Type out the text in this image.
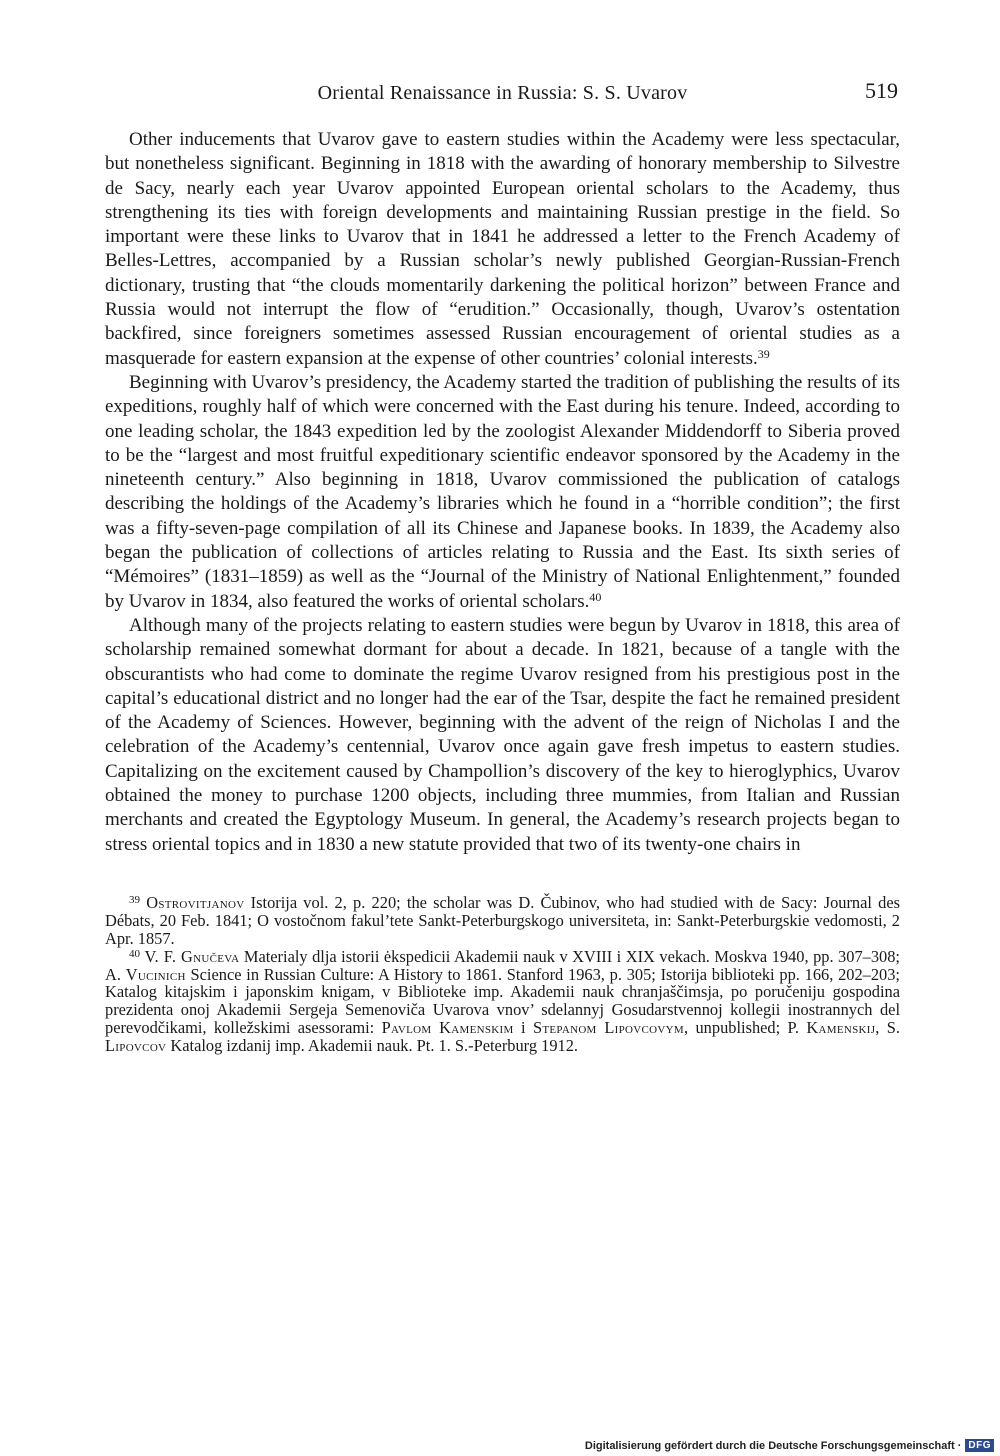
Oriental Renaissance in Russia: S. S. Uvarov	519

Other inducements that Uvarov gave to eastern studies within the Academy were less spectacular, but nonetheless significant. Beginning in 1818 with the awarding of honorary membership to Silvestre de Sacy, nearly each year Uvarov appointed European oriental scholars to the Academy, thus strengthening its ties with foreign developments and maintaining Russian prestige in the field. So important were these links to Uvarov that in 1841 he addressed a letter to the French Academy of Belles-Lettres, accompanied by a Russian scholar’s newly published Georgian-Russian-French dictionary, trusting that “the clouds momentarily darkening the political horizon” between France and Russia would not interrupt the flow of “erudition.” Occasionally, though, Uvarov’s ostentation backfired, since foreigners sometimes assessed Russian encouragement of oriental studies as a masquerade for eastern expansion at the expense of other countries’ colonial interests.$^{39}$

Beginning with Uvarov’s presidency, the Academy started the tradition of publishing the results of its expeditions, roughly half of which were concerned with the East during his tenure. Indeed, according to one leading scholar, the 1843 expedition led by the zoologist Alexander Middendorff to Siberia proved to be the “largest and most fruitful expeditionary scientific endeavor sponsored by the Academy in the nineteenth century.” Also beginning in 1818, Uvarov commissioned the publication of catalogs describing the holdings of the Academy’s libraries which he found in a “horrible condition”; the first was a fifty-seven-page compilation of all its Chinese and Japanese books. In 1839, the Academy also began the publication of collections of articles relating to Russia and the East. Its sixth series of “Mémoires” (1831–1859) as well as the “Journal of the Ministry of National Enlightenment,” founded by Uvarov in 1834, also featured the works of oriental scholars.$^{40}$

Although many of the projects relating to eastern studies were begun by Uvarov in 1818, this area of scholarship remained somewhat dormant for about a decade. In 1821, because of a tangle with the obscurantists who had come to dominate the regime Uvarov resigned from his prestigious post in the capital’s educational district and no longer had the ear of the Tsar, despite the fact he remained president of the Academy of Sciences. However, beginning with the advent of the reign of Nicholas I and the celebration of the Academy’s centennial, Uvarov once again gave fresh impetus to eastern studies. Capitalizing on the excitement caused by Champollion’s discovery of the key to hieroglyphics, Uvarov obtained the money to purchase 1200 objects, including three mummies, from Italian and Russian merchants and created the Egyptology Museum. In general, the Academy’s research projects began to stress oriental topics and in 1830 a new statute provided that two of its twenty-one chairs in

$^{39}$ Ostrovitjanov Istorija vol. 2, p. 220; the scholar was D. Čubinov, who had studied with de Sacy: Journal des Débats, 20 Feb. 1841; O vostočnom fakul’tete Sankt-Peterburgskogo universiteta, in: Sankt-Peterburgskie vedomosti, 2 Apr. 1857.

$^{40}$ V. F. Gnučeva Materialy dlja istorii ėkspedicii Akademii nauk v XVIII i XIX vekach. Moskva 1940, pp. 307–308; A. Vucinich Science in Russian Culture: A History to 1861. Stanford 1963, p. 305; Istorija biblioteki pp. 166, 202–203; Katalog kitajskim i japonskim knigam, v Biblioteke imp. Akademii nauk chranjaščimsja, po poručeniju gospodina prezidenta onoj Akademii Sergeja Semenoviča Uvarova vnov’ sdelannyj Gosudarstvennoj kollegii inostrannych del perevodčikami, kolležskimi asessorami: Pavlom Kamenskim i Stepanom Lipovcovym, unpublished; P. Kamenskij, S. Lipovcov Katalog izdanij imp. Akademii nauk. Pt. 1. S.-Peterburg 1912.

Digitalisierung gefördert durch die Deutsche Forschungsgemeinschaft · DFG
